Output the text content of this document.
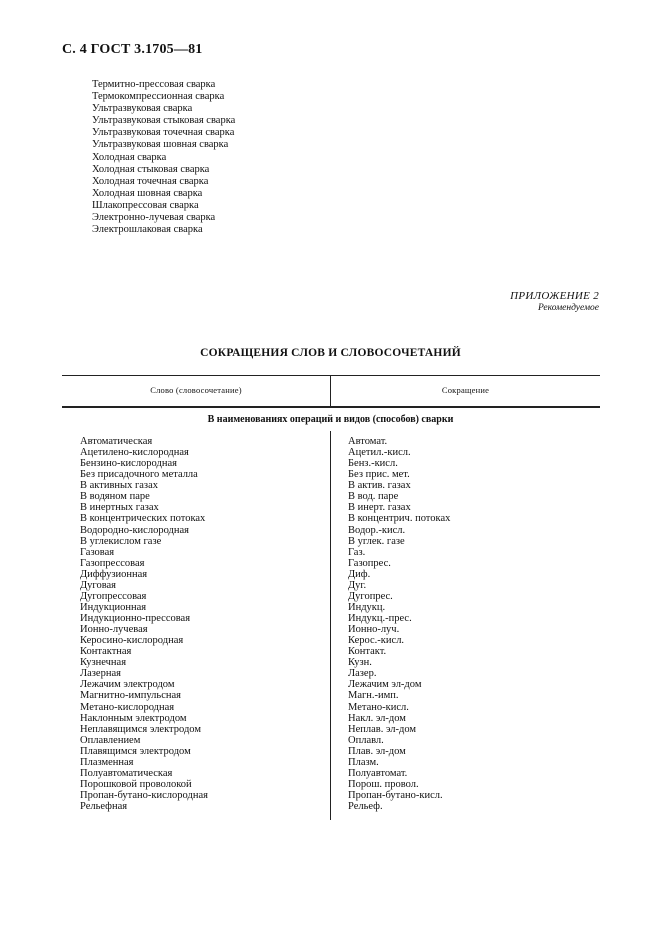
С. 4 ГОСТ 3.1705—81
Термитно-прессовая сварка
Термокомпрессионная сварка
Ультразвуковая сварка
Ультразвуковая стыковая сварка
Ультразвуковая точечная сварка
Ультразвуковая шовная сварка
Холодная сварка
Холодная стыковая сварка
Холодная точечная сварка
Холодная шовная сварка
Шлакопрессовая сварка
Электронно-лучевая сварка
Электрошлаковая сварка
ПРИЛОЖЕНИЕ 2
Рекомендуемое
СОКРАЩЕНИЯ СЛОВ И СЛОВОСОЧЕТАНИЙ
Слово (словосочетание)	Сокращение
В наименованиях операций и видов (способов) сварки
Автоматическая
Ацетилено-кислородная
Бензино-кислородная
Без присадочного металла
В активных газах
В водяном паре
В инертных газах
В концентрических потоках
Водородно-кислородная
В углекислом газе
Газовая
Газопрессовая
Диффузионная
Дуговая
Дугопрессовая
Индукционная
Индукционно-прессовая
Ионно-лучевая
Керосино-кислородная
Контактная
Кузнечная
Лазерная
Лежачим электродом
Магнитно-импульсная
Метано-кислородная
Наклонным электродом
Неплавящимся электродом
Оплавлением
Плавящимся электродом
Плазменная
Полуавтоматическая
Порошковой проволокой
Пропан-бутано-кислородная
Рельефная
Автомат.
Ацетил.-кисл.
Бенз.-кисл.
Без прис. мет.
В актив. газах
В вод. паре
В инерт. газах
В концентрич. потоках
Водор.-кисл.
В углек. газе
Газ.
Газопрес.
Диф.
Дуг.
Дугопрес.
Индукц.
Индукц.-прес.
Ионно-луч.
Керос.-кисл.
Контакт.
Кузн.
Лазер.
Лежачим эл-дом
Магн.-имп.
Метано-кисл.
Накл. эл-дом
Неплав. эл-дом
Оплавл.
Плав. эл-дом
Плазм.
Полуавтомат.
Порош. провол.
Пропан-бутано-кисл.
Рельеф.
